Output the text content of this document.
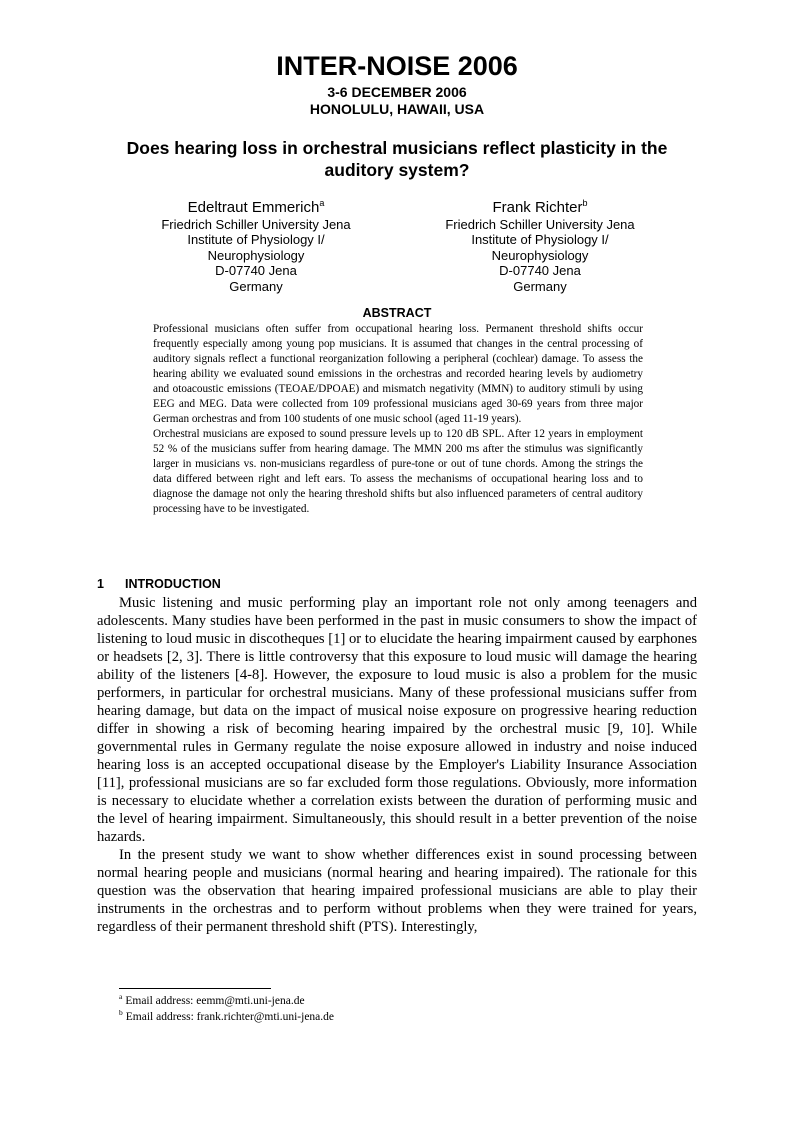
INTER-NOISE 2006
3-6 DECEMBER 2006
HONOLULU, HAWAII, USA
Does hearing loss in orchestral musicians reflect plasticity in the auditory system?
Edeltraut Emmerich$^a$
Friedrich Schiller University Jena
Institute of Physiology I/
Neurophysiology
D-07740 Jena
Germany
Frank Richter$^b$
Friedrich Schiller University Jena
Institute of Physiology I/
Neurophysiology
D-07740 Jena
Germany
ABSTRACT

Professional musicians often suffer from occupational hearing loss. Permanent threshold shifts occur frequently especially among young pop musicians. It is assumed that changes in the central processing of auditory signals reflect a functional reorganization following a peripheral (cochlear) damage. To assess the hearing ability we evaluated sound emissions in the orchestras and recorded hearing levels by audiometry and otoacoustic emissions (TEOAE/DPOAE) and mismatch negativity (MMN) to auditory stimuli by using EEG and MEG. Data were collected from 109 professional musicians aged 30-69 years from three major German orchestras and from 100 students of one music school (aged 11-19 years).

Orchestral musicians are exposed to sound pressure levels up to 120 dB SPL. After 12 years in employment 52 % of the musicians suffer from hearing damage. The MMN 200 ms after the stimulus was significantly larger in musicians vs. non-musicians regardless of pure-tone or out of tune chords. Among the strings the data differed between right and left ears. To assess the mechanisms of occupational hearing loss and to diagnose the damage not only the hearing threshold shifts but also influenced parameters of central auditory processing have to be investigated.

1 INTRODUCTION

Music listening and music performing play an important role not only among teenagers and adolescents. Many studies have been performed in the past in music consumers to show the impact of listening to loud music in discotheques [1] or to elucidate the hearing impairment caused by earphones or headsets [2, 3]. There is little controversy that this exposure to loud music will damage the hearing ability of the listeners [4-8]. However, the exposure to loud music is also a problem for the music performers, in particular for orchestral musicians. Many of these professional musicians suffer from hearing damage, but data on the impact of musical noise exposure on progressive hearing reduction differ in showing a risk of becoming hearing impaired by the orchestral music [9, 10]. While governmental rules in Germany regulate the noise exposure allowed in industry and noise induced hearing loss is an accepted occupational disease by the Employer's Liability Insurance Association [11], professional musicians are so far excluded form those regulations. Obviously, more information is necessary to elucidate whether a correlation exists between the duration of performing music and the level of hearing impairment. Simultaneously, this should result in a better prevention of the noise hazards.

In the present study we want to show whether differences exist in sound processing between normal hearing people and musicians (normal hearing and hearing impaired). The rationale for this question was the observation that hearing impaired professional musicians are able to play their instruments in the orchestras and to perform without problems when they were trained for years, regardless of their permanent threshold shift (PTS). Interestingly,

$^a$ Email address: eemm@mti.uni-jena.de
$^b$ Email address: frank.richter@mti.uni-jena.de
